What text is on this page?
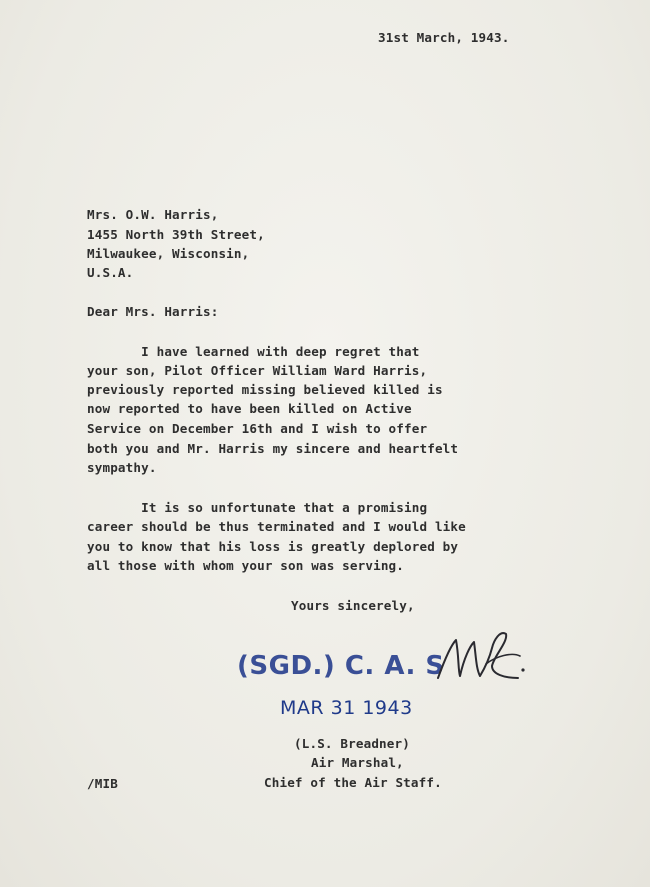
31st March, 1943.
Mrs. O.W. Harris,
1455 North 39th Street,
Milwaukee, Wisconsin,
U.S.A.
Dear Mrs. Harris:
I have learned with deep regret that
your son, Pilot Officer William Ward Harris,
previously reported missing believed killed is
now reported to have been killed on Active
Service on December 16th and I wish to offer
both you and Mr. Harris my sincere and heartfelt
sympathy.
It is so unfortunate that a promising
career should be thus terminated and I would like
you to know that his loss is greatly deplored by
all those with whom your son was serving.
Yours sincerely,
(SGD.) C. A. S
MAR 31 1943
(L.S. Breadner)
Air Marshal,
Chief of the Air Staff.
/MIB
